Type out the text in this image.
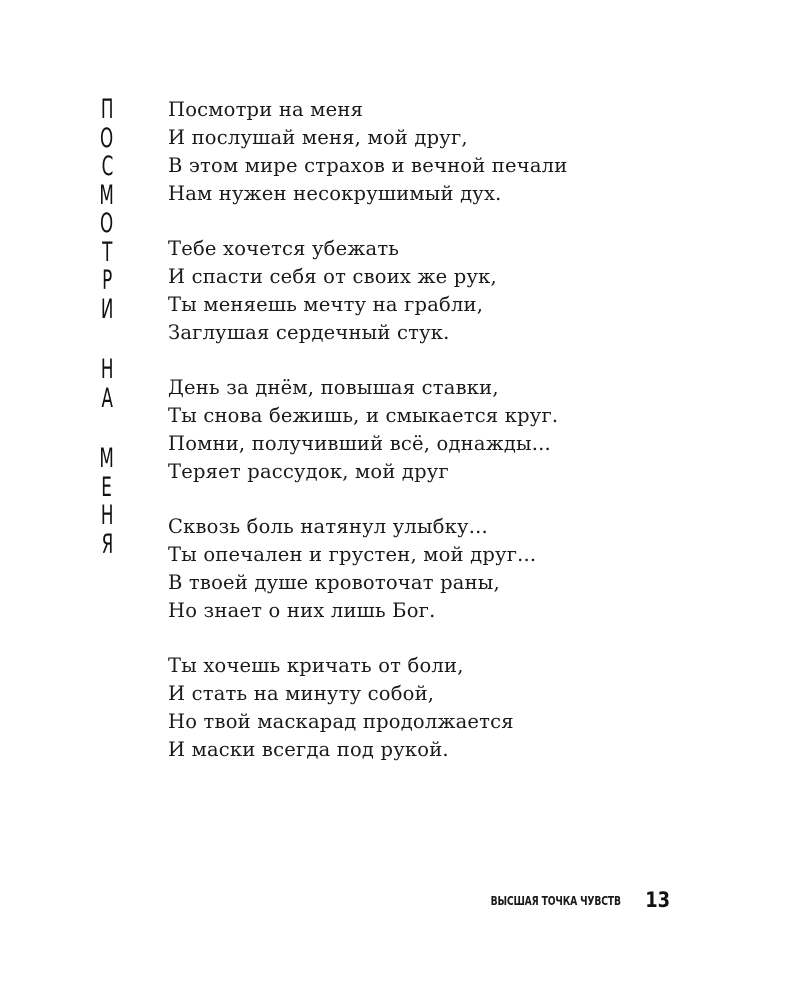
П
О
С
М
О
Т
Р
И
Н
А
М
Е
Н
Я
Посмотри на меня
И послушай меня, мой друг,
В этом мире страхов и вечной печали
Нам нужен несокрушимый дух.
Тебе хочется убежать
И спасти себя от своих же рук,
Ты меняешь мечту на грабли,
Заглушая сердечный стук.
День за днём, повышая ставки,
Ты снова бежишь, и смыкается круг.
Помни, получивший всё, однажды...
Теряет рассудок, мой друг
Сквозь боль натянул улыбку...
Ты опечален и грустен, мой друг...
В твоей душе кровоточат раны,
Но знает о них лишь Бог.
Ты хочешь кричать от боли,
И стать на минуту собой,
Но твой маскарад продолжается
И маски всегда под рукой.
ВЫСШАЯ ТОЧКА ЧУВСТВ 13
